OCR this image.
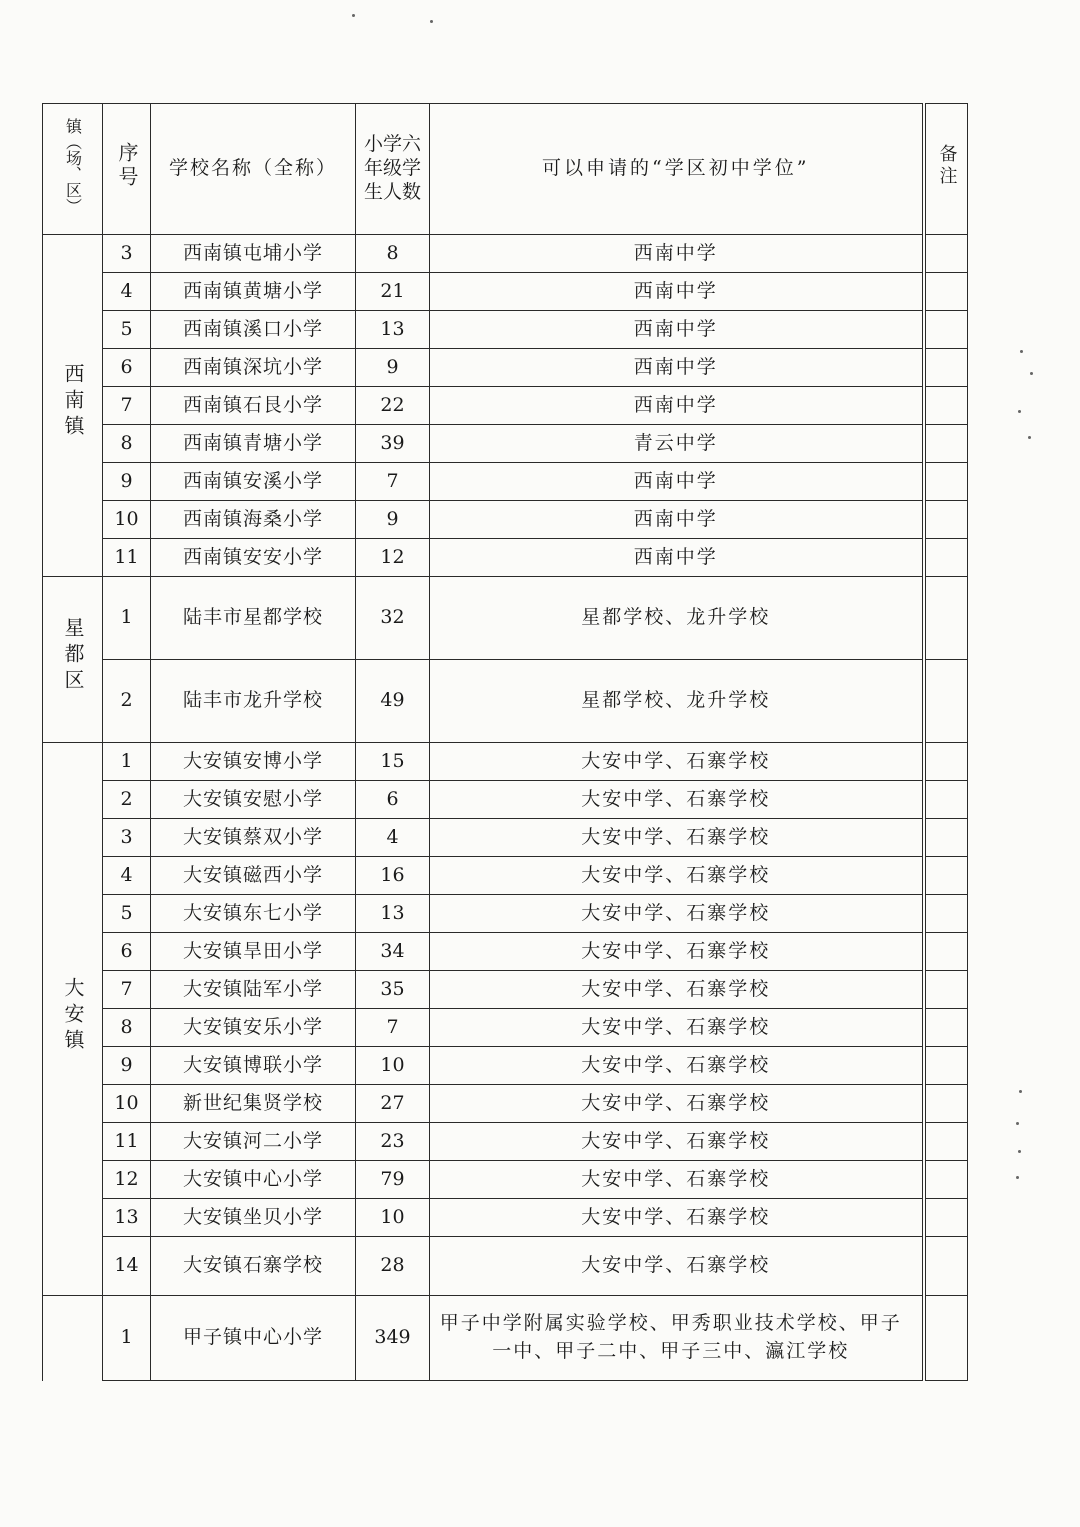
镇（场、区）	序号	学校名称（全称）	小学六年级学生人数	可以申请的“学区初中学位”	备注
西南镇	3	西南镇屯埔小学	8	西南中学	
	4	西南镇黄塘小学	21	西南中学	
	5	西南镇溪口小学	13	西南中学	
	6	西南镇深坑小学	9	西南中学	
	7	西南镇石艮小学	22	西南中学	
	8	西南镇青塘小学	39	青云中学	
	9	西南镇安溪小学	7	西南中学	
	10	西南镇海桑小学	9	西南中学	
	11	西南镇安安小学	12	西南中学	
星都区	1	陆丰市星都学校	32	星都学校、龙升学校	
	2	陆丰市龙升学校	49	星都学校、龙升学校	
大安镇	1	大安镇安博小学	15	大安中学、石寨学校	
	2	大安镇安慰小学	6	大安中学、石寨学校	
	3	大安镇蔡双小学	4	大安中学、石寨学校	
	4	大安镇磁西小学	16	大安中学、石寨学校	
	5	大安镇东七小学	13	大安中学、石寨学校	
	6	大安镇旱田小学	34	大安中学、石寨学校	
	7	大安镇陆军小学	35	大安中学、石寨学校	
	8	大安镇安乐小学	7	大安中学、石寨学校	
	9	大安镇博联小学	10	大安中学、石寨学校	
	10	新世纪集贤学校	27	大安中学、石寨学校	
	11	大安镇河二小学	23	大安中学、石寨学校	
	12	大安镇中心小学	79	大安中学、石寨学校	
	13	大安镇坐贝小学	10	大安中学、石寨学校	
	14	大安镇石寨学校	28	大安中学、石寨学校	
	1	甲子镇中心小学	349	甲子中学附属实验学校、甲秀职业技术学校、甲子一中、甲子二中、甲子三中、瀛江学校	
